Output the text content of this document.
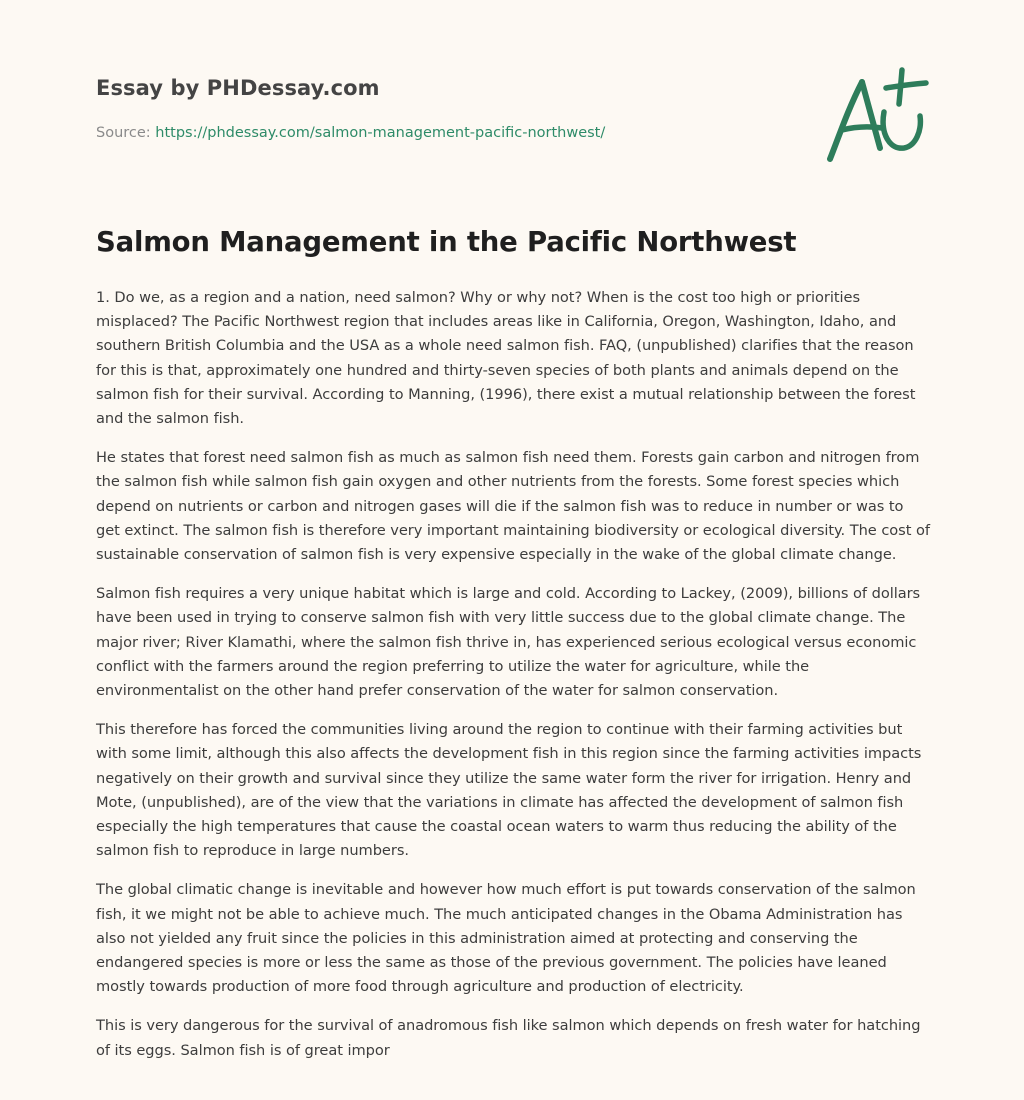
Essay by PHDessay.com
Source: https://phdessay.com/salmon-management-pacific-northwest/
Salmon Management in the Pacific Northwest

1. Do we, as a region and a nation, need salmon? Why or why not? When is the cost too high or priorities misplaced? The Pacific Northwest region that includes areas like in California, Oregon, Washington, Idaho, and southern British Columbia and the USA as a whole need salmon fish. FAQ, (unpublished) clarifies that the reason for this is that, approximately one hundred and thirty-seven species of both plants and animals depend on the salmon fish for their survival. According to Manning, (1996), there exist a mutual relationship between the forest and the salmon fish.

He states that forest need salmon fish as much as salmon fish need them. Forests gain carbon and nitrogen from the salmon fish while salmon fish gain oxygen and other nutrients from the forests. Some forest species which depend on nutrients or carbon and nitrogen gases will die if the salmon fish was to reduce in number or was to get extinct. The salmon fish is therefore very important maintaining biodiversity or ecological diversity. The cost of sustainable conservation of salmon fish is very expensive especially in the wake of the global climate change.

Salmon fish requires a very unique habitat which is large and cold. According to Lackey, (2009), billions of dollars have been used in trying to conserve salmon fish with very little success due to the global climate change. The major river; River Klamathi, where the salmon fish thrive in, has experienced serious ecological versus economic conflict with the farmers around the region preferring to utilize the water for agriculture, while the environmentalist on the other hand prefer conservation of the water for salmon conservation.

This therefore has forced the communities living around the region to continue with their farming activities but with some limit, although this also affects the development fish in this region since the farming activities impacts negatively on their growth and survival since they utilize the same water form the river for irrigation. Henry and Mote, (unpublished), are of the view that the variations in climate has affected the development of salmon fish especially the high temperatures that cause the coastal ocean waters to warm thus reducing the ability of the salmon fish to reproduce in large numbers.

The global climatic change is inevitable and however how much effort is put towards conservation of the salmon fish, it we might not be able to achieve much. The much anticipated changes in the Obama Administration has also not yielded any fruit since the policies in this administration aimed at protecting and conserving the endangered species is more or less the same as those of the previous government. The policies have leaned mostly towards production of more food through agriculture and production of electricity.

This is very dangerous for the survival of anadromous fish like salmon which depends on fresh water for hatching of its eggs. Salmon fish is of great impor
